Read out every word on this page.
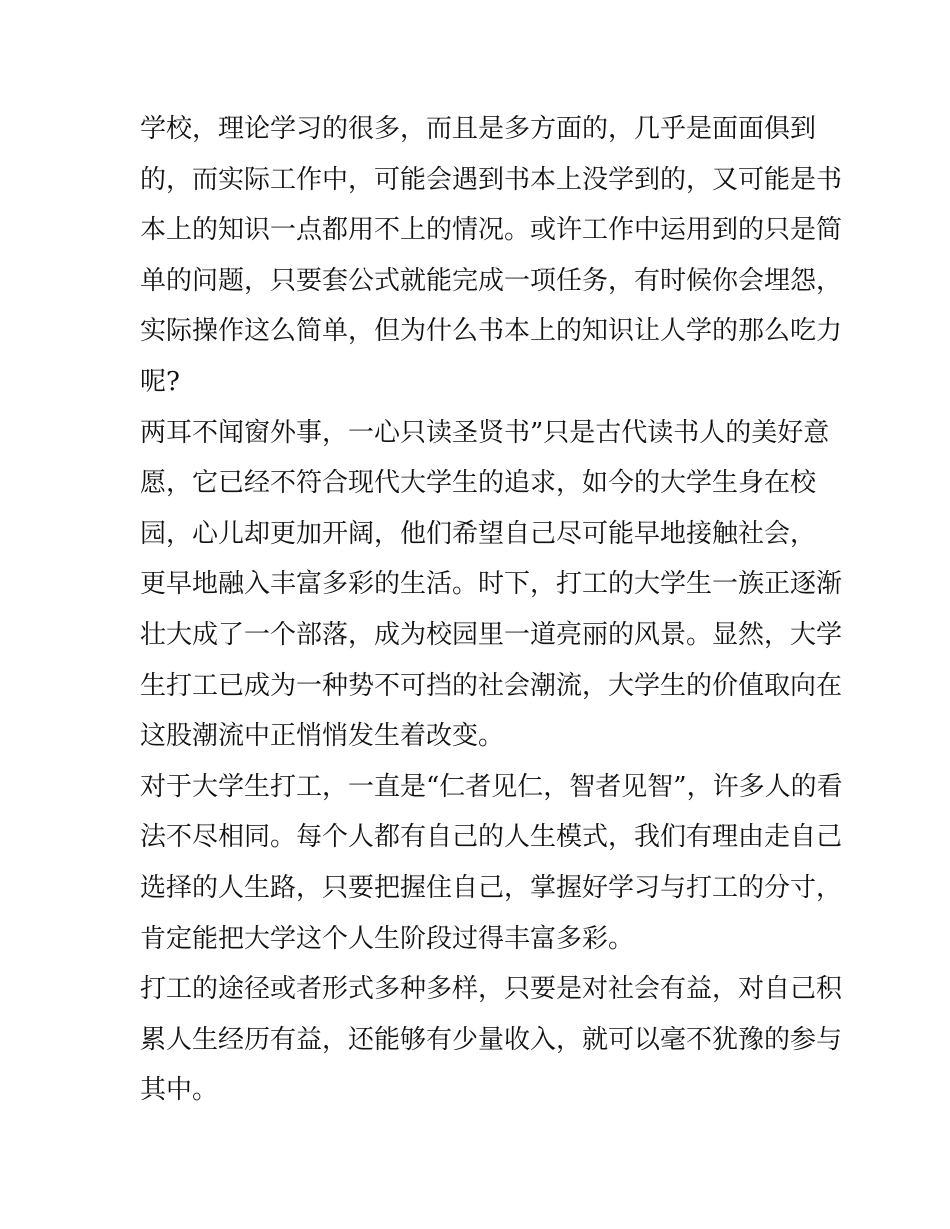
学校，理论学习的很多，而且是多方面的，几乎是面面俱到
的，而实际工作中，可能会遇到书本上没学到的，又可能是书
本上的知识一点都用不上的情况。或许工作中运用到的只是简
单的问题，只要套公式就能完成一项任务，有时候你会埋怨，
实际操作这么简单，但为什么书本上的知识让人学的那么吃力
呢?
两耳不闻窗外事，一心只读圣贤书”只是古代读书人的美好意
愿，它已经不符合现代大学生的追求，如今的大学生身在校
园，心儿却更加开阔，他们希望自己尽可能早地接触社会，
更早地融入丰富多彩的生活。时下，打工的大学生一族正逐渐
壮大成了一个部落，成为校园里一道亮丽的风景。显然，大学
生打工已成为一种势不可挡的社会潮流，大学生的价值取向在
这股潮流中正悄悄发生着改变。
对于大学生打工，一直是“仁者见仁，智者见智”，许多人的看
法不尽相同。每个人都有自己的人生模式，我们有理由走自己
选择的人生路，只要把握住自己，掌握好学习与打工的分寸，
肯定能把大学这个人生阶段过得丰富多彩。
打工的途径或者形式多种多样，只要是对社会有益，对自己积
累人生经历有益，还能够有少量收入，就可以毫不犹豫的参与
其中。
